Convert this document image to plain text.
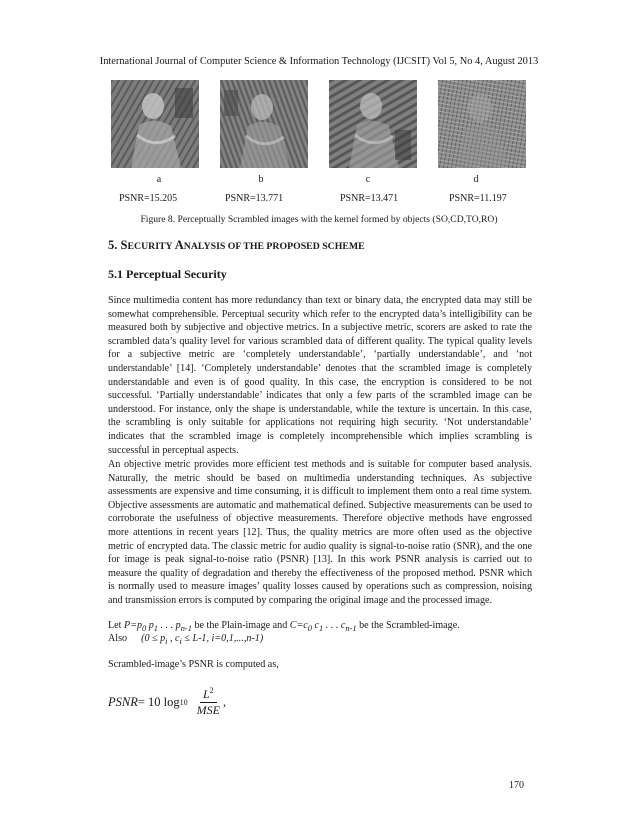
International Journal of Computer Science & Information Technology (IJCSIT) Vol 5, No 4, August 2013
a	b	c	d
PSNR=15.205	PSNR=13.771	PSNR=13.471	PSNR=11.197
Figure 8. Perceptually Scrambled images with the kernel formed by objects (SO,CD,TO,RO)
5. SECURITY ANALYSIS OF THE PROPOSED SCHEME
5.1 Perceptual Security

Since multimedia content has more redundancy than text or binary data, the encrypted data may still be somewhat comprehensible. Perceptual security which refer to the encrypted data’s intelligibility can be measured both by subjective and objective metrics. In a subjective metric, scorers are asked to rate the scrambled data’s quality level for various scrambled data of different quality. The typical quality levels for a subjective metric are ‘completely understandable’, ‘partially understandable’, and ‘not understandable’ [14]. ‘Completely understandable’ denotes that the scrambled image is completely understandable and even is of good quality. In this case, the encryption is considered to be not successful. ‘Partially understandable’ indicates that only a few parts of the scrambled image can be understood. For instance, only the shape is understandable, while the texture is uncertain. In this case, the scrambling is only suitable for applications not requiring high security. ‘Not understandable’ indicates that the scrambled image is completely incomprehensible which implies scrambling is successful in perceptual aspects.

An objective metric provides more efficient test methods and is suitable for computer based analysis. Naturally, the metric should be based on multimedia understanding techniques. As subjective assessments are expensive and time consuming, it is difficult to implement them onto a real time system. Objective assessments are automatic and mathematical defined. Subjective measurements can be used to corroborate the usefulness of objective measurements. Therefore objective methods have engrossed more attentions in recent years [12]. Thus, the quality metrics are more often used as the objective metric of encrypted data. The classic metric for audio quality is signal-to-noise ratio (SNR), and the one for image is peak signal-to-noise ratio (PSNR) [13]. In this work PSNR analysis is carried out to measure the quality of degradation and thereby the effectiveness of the proposed method. PSNR which is normally used to measure images’ quality losses caused by operations such as compression, noising and transmission errors is computed by comparing the original image and the processed image.

Let $P=p_0$ $p_1$ . . . $p_{n-1}$ be the Plain-image and $C=c_0$ $c_1$ . . . $c_{n-1}$ be the Scrambled-image.
Also ($0 \le p_i$ , $c_i \le L-1$, i=0,1,...,n-1)
Scrambled-image’s PSNR is computed as,
PSNR = 10 $\log 10 \frac{L^2}{\text{MSE}}$ ,
170
